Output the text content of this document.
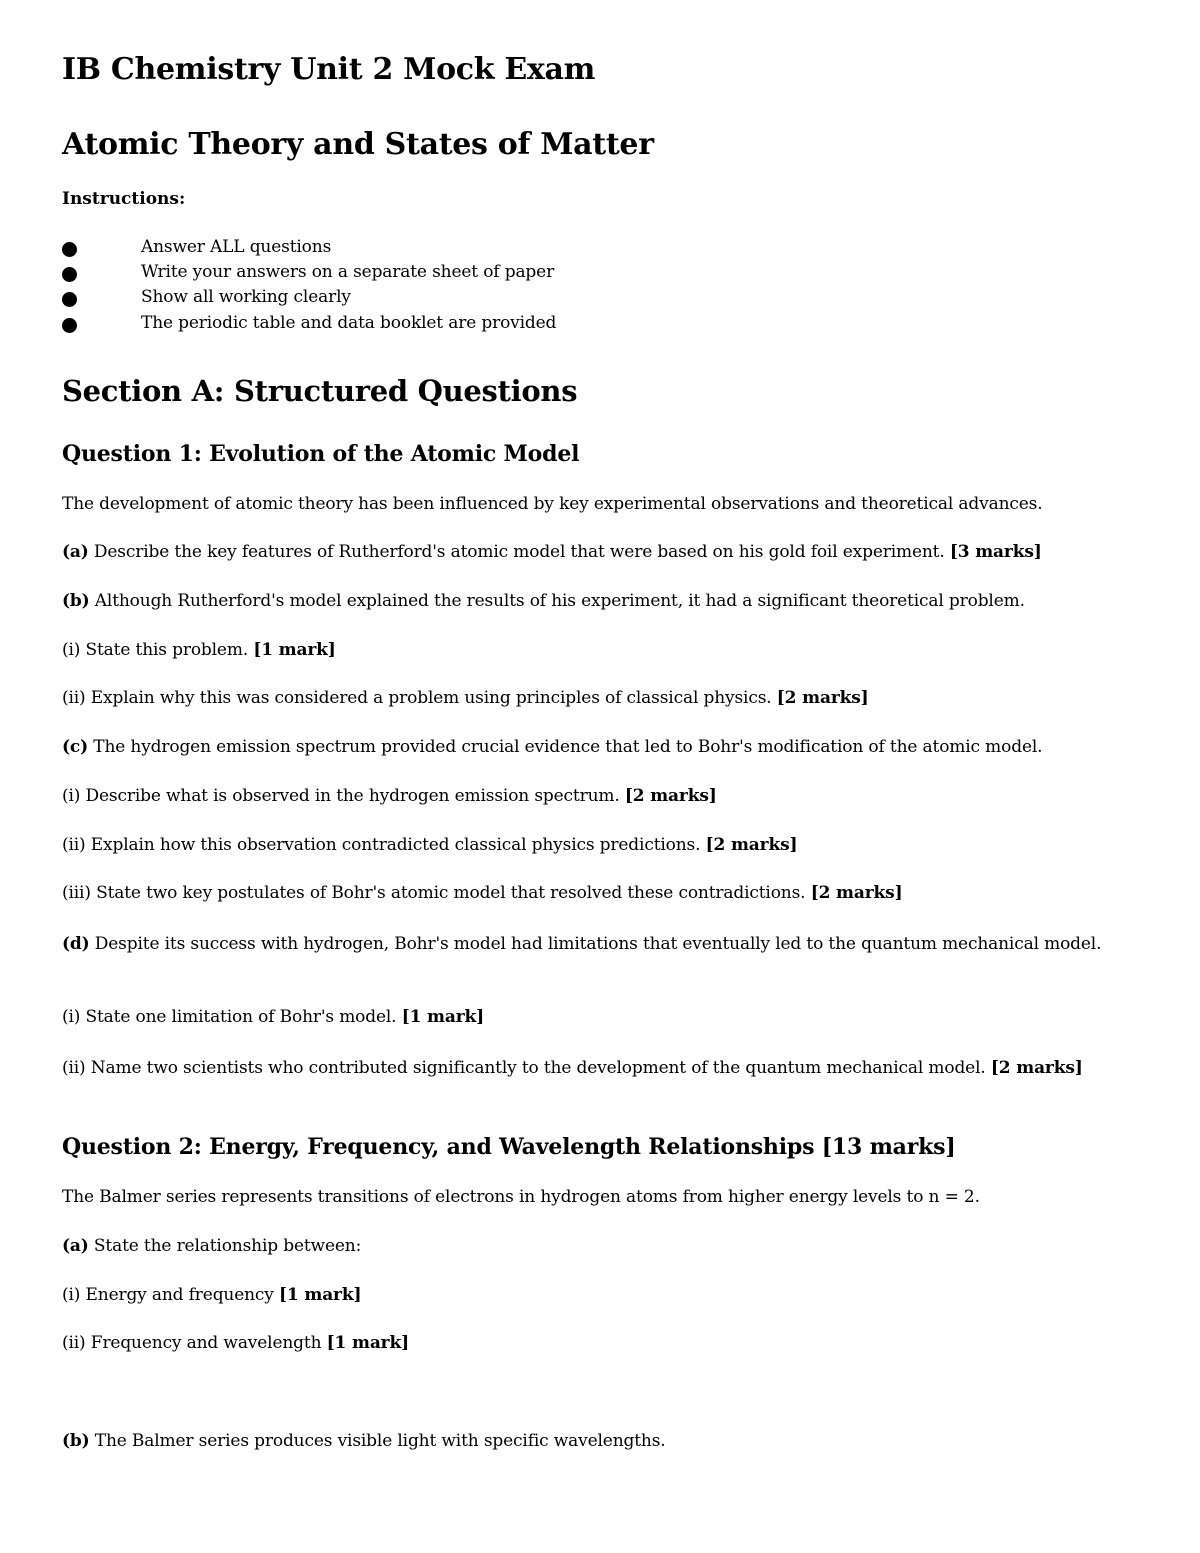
IB Chemistry Unit 2 Mock Exam
Atomic Theory and States of Matter
Instructions:
Answer ALL questions
Write your answers on a separate sheet of paper
Show all working clearly
The periodic table and data booklet are provided
Section A: Structured Questions
Question 1: Evolution of the Atomic Model
The development of atomic theory has been influenced by key experimental observations and theoretical advances.
(a) Describe the key features of Rutherford's atomic model that were based on his gold foil experiment. [3 marks]
(b) Although Rutherford's model explained the results of his experiment, it had a significant theoretical problem.
(i) State this problem. [1 mark]
(ii) Explain why this was considered a problem using principles of classical physics. [2 marks]
(c) The hydrogen emission spectrum provided crucial evidence that led to Bohr's modification of the atomic model.
(i) Describe what is observed in the hydrogen emission spectrum. [2 marks]
(ii) Explain how this observation contradicted classical physics predictions. [2 marks]
(iii) State two key postulates of Bohr's atomic model that resolved these contradictions. [2 marks]
(d) Despite its success with hydrogen, Bohr's model had limitations that eventually led to the quantum mechanical model.
(i) State one limitation of Bohr's model. [1 mark]
(ii) Name two scientists who contributed significantly to the development of the quantum mechanical model. [2 marks]
Question 2: Energy, Frequency, and Wavelength Relationships [13 marks]
The Balmer series represents transitions of electrons in hydrogen atoms from higher energy levels to n = 2.
(a) State the relationship between:
(i) Energy and frequency [1 mark]
(ii) Frequency and wavelength [1 mark]
(b) The Balmer series produces visible light with specific wavelengths.
